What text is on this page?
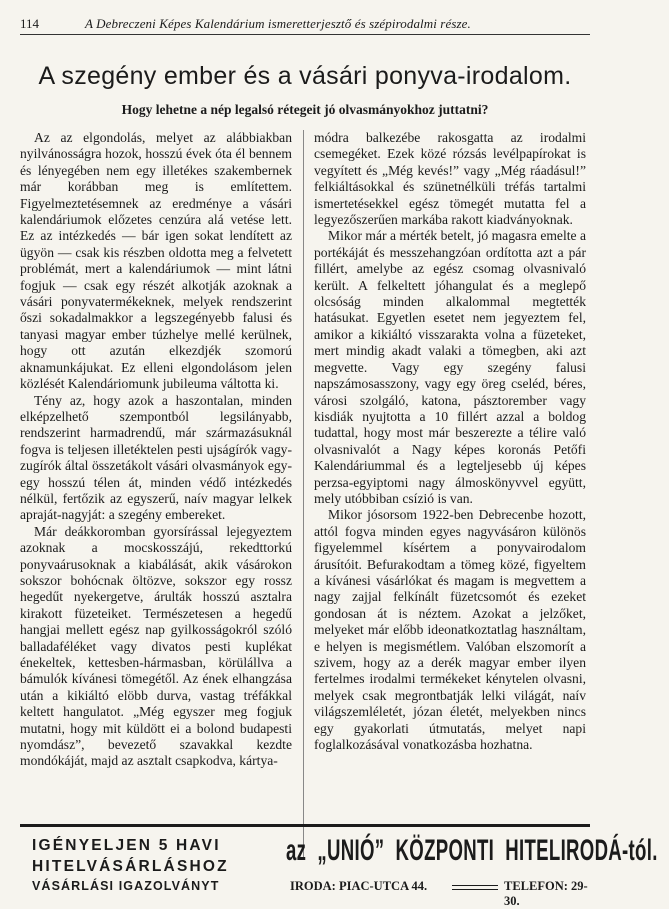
114	A Debreczeni Képes Kalendárium ismeretterjesztő és szépirodalmi része.
A szegény ember és a vásári ponyva-irodalom.
Hogy lehetne a nép legalsó rétegeit jó olvasmányokhoz juttatni?

Az az elgondolás, melyet az alábbiakban nyilvánosságra hozok, hosszú évek óta él bennem és lényegében nem egy illetékes szakembernek már korábban meg is említettem. Figyelmeztetésemnek az eredménye a vásári kalendáriumok előzetes cenzúra alá vetése lett. Ez az intézkedés — bár igen sokat lendített az ügyön — csak kis részben oldotta meg a felvetett problémát, mert a kalendáriumok — mint látni fogjuk — csak egy részét alkotják azoknak a vásári ponyvatermékeknek, melyek rendszerint őszi sokadalmakkor a legszegényebb falusi és tanyasi magyar ember túzhelye mellé kerülnek, hogy ott azután elkezdjék szomorú aknamunkájukat. Ez elleni elgondolásom jelen közlését Kalendáriomunk jubileuma váltotta ki.

Tény az, hogy azok a haszontalan, minden elképzelhető szempontból legsilányabb, rendszerint harmadrendű, már származásuknál fogva is teljesen illetéktelen pesti ujságírók vagy-zugírók által összetákolt vásári olvasmányok egy-egy hosszú télen át, minden védő intézkedés nélkül, fertőzik az egyszerű, naív magyar lelkek apraját-nagyját: a szegény embereket.

Már deákkoromban gyorsírással lejegyeztem azoknak a mocskosszájú, rekedttorkú ponyvaárusoknak a kiabálását, akik vásárokon sokszor bohócnak öltözve, sokszor egy rossz hegedűt nyekergetve, árulták hosszú asztalra kirakott füzeteiket. Természetesen a hegedű hangjai mellett egész nap gyilkosságokról szóló balladaféléket vagy divatos pesti kuplékat énekeltek, kettesben-hármasban, körülállva a bámulók kívánesi tömegétől. Az ének elhangzása után a kikiáltó elöbb durva, vastag tréfákkal keltett hangulatot. „Még egyszer meg fogjuk mutatni, hogy mit küldött ei a bolond budapesti nyomdász”, bevezető szavakkal kezdte mondókáját, majd az asztalt csapkodva, kártya-

módra balkezébe rakosgatta az irodalmi csemegéket. Ezek közé rózsás levélpapírokat is vegyített és „Még kevés!” vagy „Még ráadásul!” felkiáltásokkal és szünetnélküli tréfás tartalmi ismertetésekkel egész tömegét mutatta fel a legyezőszerűen markába rakott kiadványoknak.

Mikor már a mérték betelt, jó magasra emelte a portékáját és messzehangzóan ordította azt a pár fillért, amelybe az egész csomag olvasnivaló került. A felkeltett jóhangulat és a meglepő olcsóság minden alkalommal megtették hatásukat. Egyetlen esetet nem jegyeztem fel, amikor a kikiáltó visszarakta volna a füzeteket, mert mindig akadt valaki a tömegben, aki azt megvette. Vagy egy szegény falusi napszámosasszony, vagy egy öreg cseléd, béres, városi szolgáló, katona, pásztorember vagy kisdiák nyujtotta a 10 fillért azzal a boldog tudattal, hogy most már beszerezte a télire való olvasnivalót a Nagy képes koronás Petőfi Kalendáriummal és a legteljesebb új képes perzsa-egyiptomi nagy álmoskönyvvel együtt, mely utóbbiban csízió is van.

Mikor jósorsom 1922-ben Debrecenbe hozott, attól fogva minden egyes nagyvásáron különös figyelemmel kísértem a ponyvairodalom árusítóit. Befurakodtam a tömeg közé, figyeltem a kívánesi vásárlókat és magam is megvettem a nagy zajjal felkínált füzetcsomót és ezeket gondosan át is néztem. Azokat a jelzőket, melyeket már előbb ideonatkoztatlag használtam, e helyen is megismétlem. Valóban elszomorít a szivem, hogy az a derék magyar ember ilyen fertelmes irodalmi termékeket kénytelen olvasni, melyek csak megrontbatják lelki világát, naív világszemléletét, józan életét, melyekben nincs egy gyakorlati útmutatás, melyet napi foglalkozásával vonatkozásba hozhatna.

IGÉNYELJEN 5 HAVI
HITELVÁSÁRLÁSHOZ
VÁSÁRLÁSI IGAZOLVÁNYT
az „UNIÓ” KÖZPONTI HITELIRODÁ-tól.
IRODA: PIAC-UTCA 44.	TELEFON: 29-30.
